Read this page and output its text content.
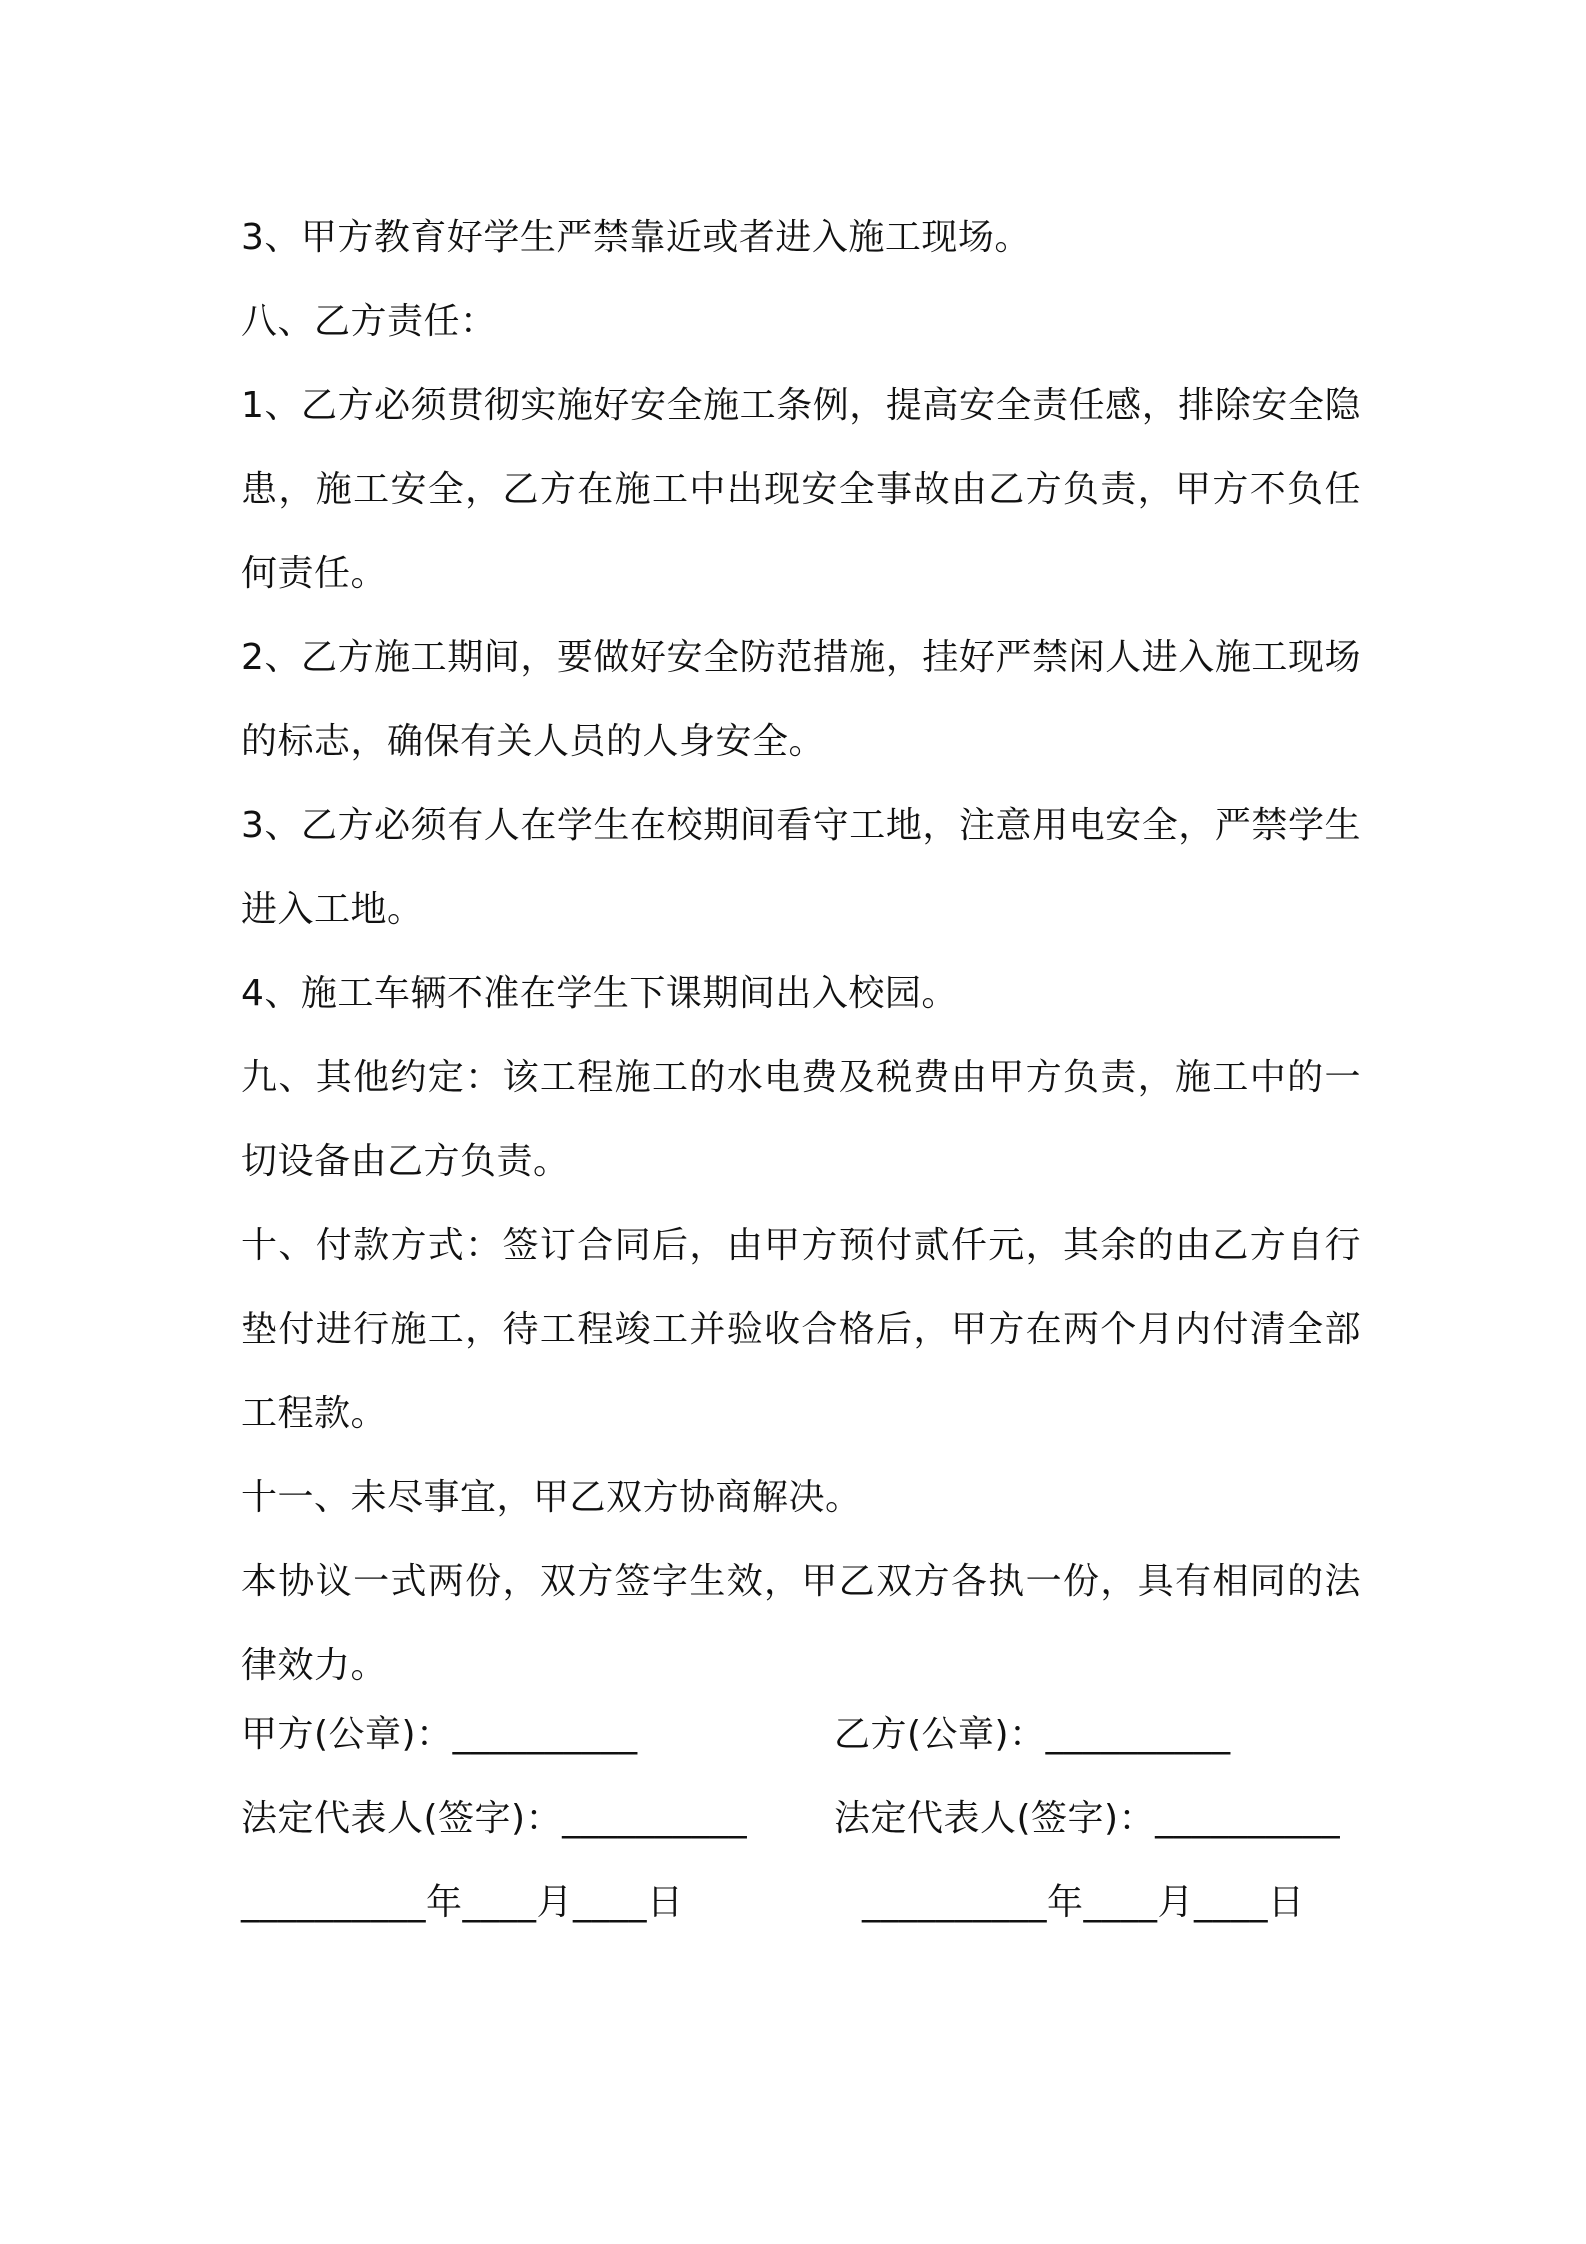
3、甲方教育好学生严禁靠近或者进入施工现场。

八、乙方责任：

1、乙方必须贯彻实施好安全施工条例，提高安全责任感，排除安全隐患，施工安全，乙方在施工中出现安全事故由乙方负责，甲方不负任何责任。

2、乙方施工期间，要做好安全防范措施，挂好严禁闲人进入施工现场的标志，确保有关人员的人身安全。

3、乙方必须有人在学生在校期间看守工地，注意用电安全，严禁学生进入工地。

4、施工车辆不准在学生下课期间出入校园。

九、其他约定：该工程施工的水电费及税费由甲方负责，施工中的一切设备由乙方负责。

十、付款方式：签订合同后，由甲方预付贰仟元，其余的由乙方自行垫付进行施工，待工程竣工并验收合格后，甲方在两个月内付清全部工程款。

十一、未尽事宜，甲乙双方协商解决。

本协议一式两份，双方签字生效，甲乙双方各执一份，具有相同的法律效力。

甲方(公章)：__________	乙方(公章)：__________
法定代表人(签字)：__________ 法定代表人(签字)：__________
__________年____月____日	__________年____月____日
